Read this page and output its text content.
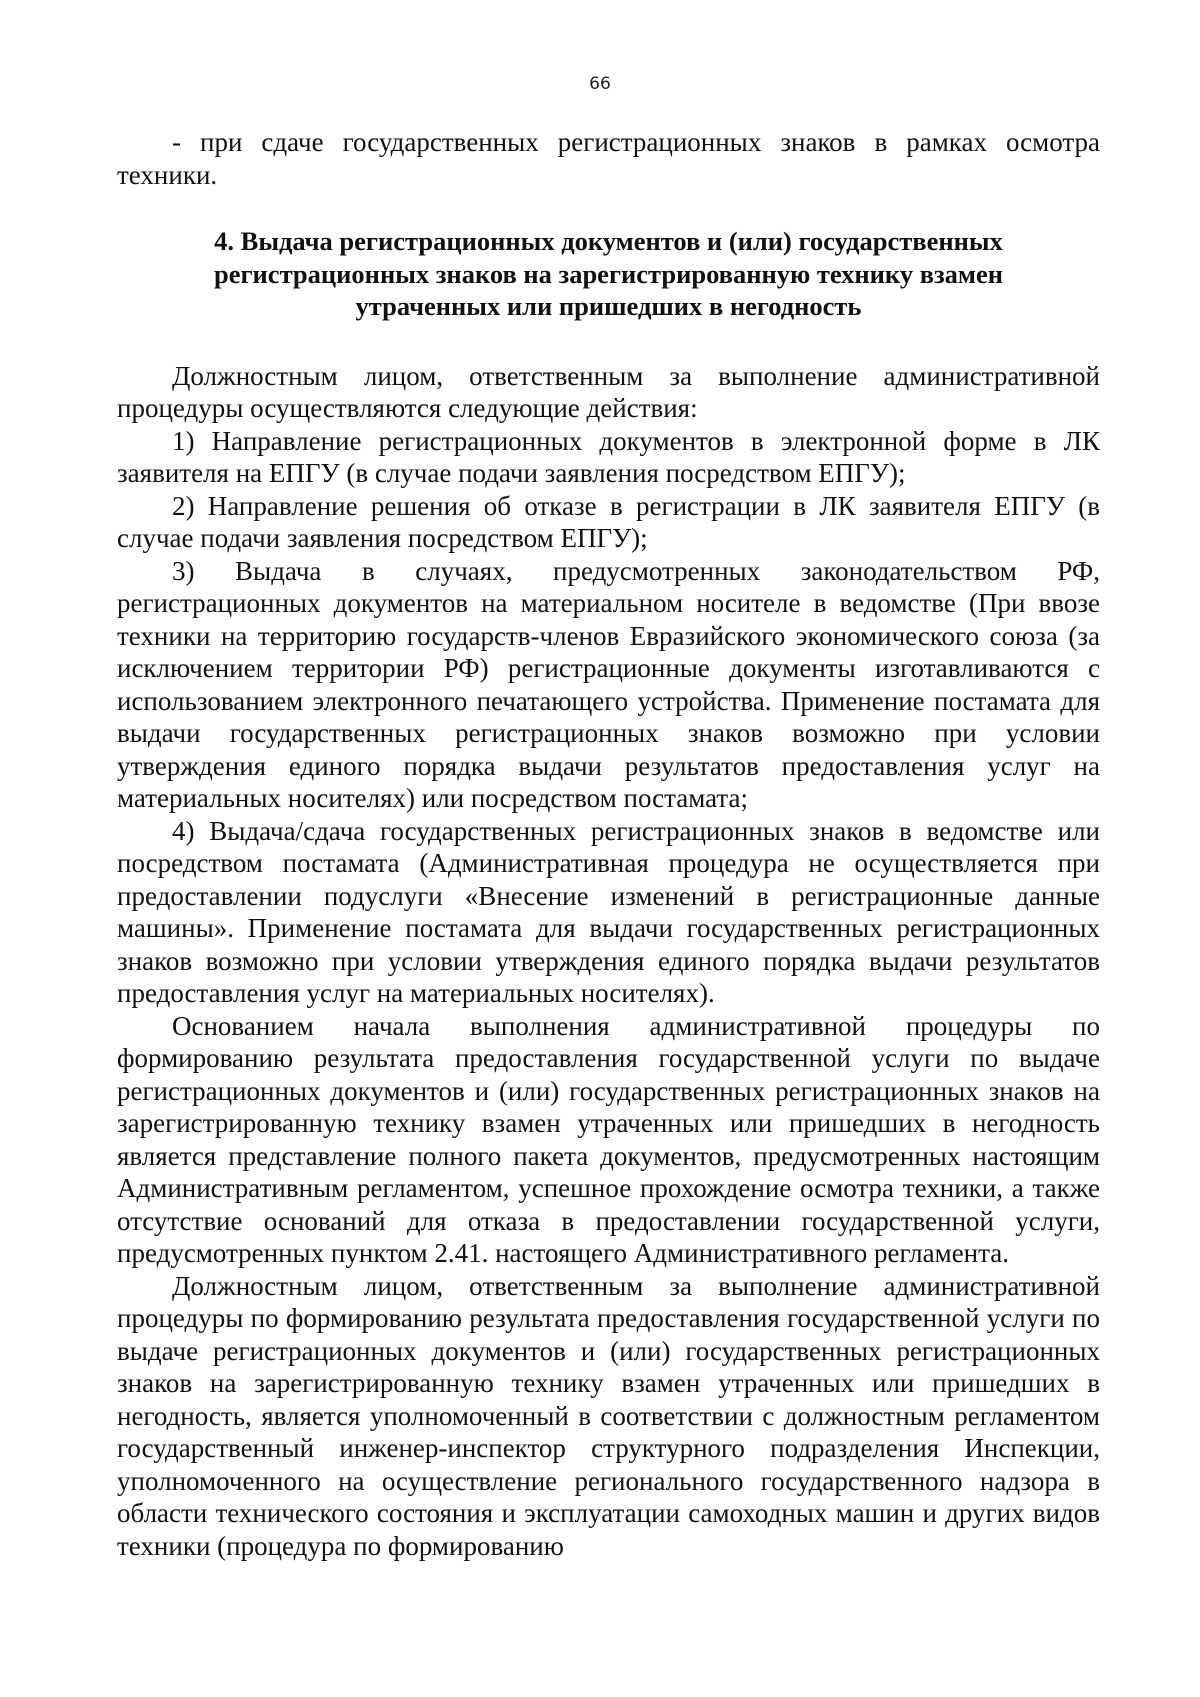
66

- при сдаче государственных регистрационных знаков в рамках осмотра техники.

4. Выдача регистрационных документов и (или) государственных регистрационных знаков на зарегистрированную технику взамен утраченных или пришедших в негодность

Должностным лицом, ответственным за выполнение административной процедуры осуществляются следующие действия:

1) Направление регистрационных документов в электронной форме в ЛК заявителя на ЕПГУ (в случае подачи заявления посредством ЕПГУ);

2) Направление решения об отказе в регистрации в ЛК заявителя ЕПГУ (в случае подачи заявления посредством ЕПГУ);

3) Выдача в случаях, предусмотренных законодательством РФ, регистрационных документов на материальном носителе в ведомстве (При ввозе техники на территорию государств-членов Евразийского экономического союза (за исключением территории РФ) регистрационные документы изготавливаются с использованием электронного печатающего устройства. Применение постамата для выдачи государственных регистрационных знаков возможно при условии утверждения единого порядка выдачи результатов предоставления услуг на материальных носителях) или посредством постамата;

4) Выдача/сдача государственных регистрационных знаков в ведомстве или посредством постамата (Административная процедура не осуществляется при предоставлении подуслуги «Внесение изменений в регистрационные данные машины». Применение постамата для выдачи государственных регистрационных знаков возможно при условии утверждения единого порядка выдачи результатов предоставления услуг на материальных носителях).

Основанием начала выполнения административной процедуры по формированию результата предоставления государственной услуги по выдаче регистрационных документов и (или) государственных регистрационных знаков на зарегистрированную технику взамен утраченных или пришедших в негодность является представление полного пакета документов, предусмотренных настоящим Административным регламентом, успешное прохождение осмотра техники, а также отсутствие оснований для отказа в предоставлении государственной услуги, предусмотренных пунктом 2.41. настоящего Административного регламента.

Должностным лицом, ответственным за выполнение административной процедуры по формированию результата предоставления государственной услуги по выдаче регистрационных документов и (или) государственных регистрационных знаков на зарегистрированную технику взамен утраченных или пришедших в негодность, является уполномоченный в соответствии с должностным регламентом государственный инженер-инспектор структурного подразделения Инспекции, уполномоченного на осуществление регионального государственного надзора в области технического состояния и эксплуатации самоходных машин и других видов техники (процедура по формированию
